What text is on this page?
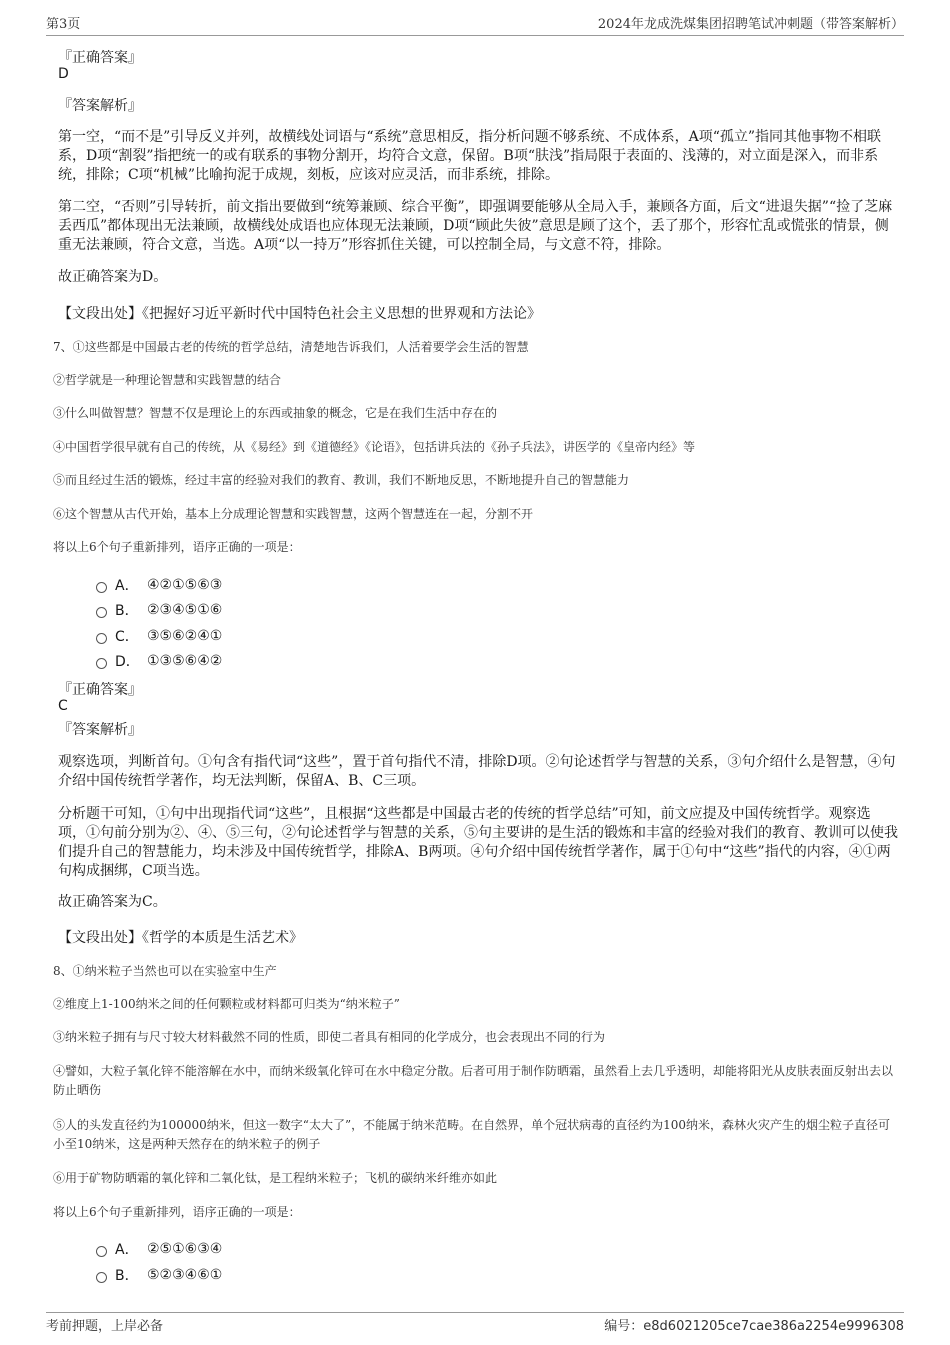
第3页	2024年龙成洗煤集团招聘笔试冲刺题（带答案解析）
『正确答案』
D
『答案解析』
第一空，“而不是”引导反义并列，故横线处词语与“系统”意思相反，指分析问题不够系统、不成体系，A项“孤立”指同其他事物不相联系，D项“割裂”指把统一的或有联系的事物分割开，均符合文意，保留。B项“肤浅”指局限于表面的、浅薄的，对立面是深入，而非系统，排除；C项“机械”比喻拘泥于成规，刻板，应该对应灵活，而非系统，排除。
第二空，“否则”引导转折，前文指出要做到“统筹兼顾、综合平衡”，即强调要能够从全局入手，兼顾各方面，后文“进退失据”“捡了芝麻丢西瓜”都体现出无法兼顾，故横线处成语也应体现无法兼顾，D项“顾此失彼”意思是顾了这个，丢了那个，形容忙乱或慌张的情景，侧重无法兼顾，符合文意，当选。A项“以一持万”形容抓住关键，可以控制全局，与文意不符，排除。
故正确答案为D。
【文段出处】《把握好习近平新时代中国特色社会主义思想的世界观和方法论》
7、①这些都是中国最古老的传统的哲学总结，清楚地告诉我们，人活着要学会生活的智慧
②哲学就是一种理论智慧和实践智慧的结合
③什么叫做智慧？智慧不仅是理论上的东西或抽象的概念，它是在我们生活中存在的
④中国哲学很早就有自己的传统，从《易经》到《道德经》《论语》，包括讲兵法的《孙子兵法》，讲医学的《皇帝内经》等
⑤而且经过生活的锻炼，经过丰富的经验对我们的教育、教训，我们不断地反思，不断地提升自己的智慧能力
⑥这个智慧从古代开始，基本上分成理论智慧和实践智慧，这两个智慧连在一起，分割不开
将以上6个句子重新排列，语序正确的一项是：
A． ④②①⑤⑥③
B． ②③④⑤①⑥
C． ③⑤⑥②④①
D． ①③⑤⑥④②
『正确答案』
C
『答案解析』
观察选项，判断首句。①句含有指代词“这些”，置于首句指代不清，排除D项。②句论述哲学与智慧的关系，③句介绍什么是智慧，④句介绍中国传统哲学著作，均无法判断，保留A、B、C三项。
分析题干可知，①句中出现指代词“这些”，且根据“这些都是中国最古老的传统的哲学总结”可知，前文应提及中国传统哲学。观察选项，①句前分别为②、④、⑤三句，②句论述哲学与智慧的关系，⑤句主要讲的是生活的锻炼和丰富的经验对我们的教育、教训可以使我们提升自己的智慧能力，均未涉及中国传统哲学，排除A、B两项。④句介绍中国传统哲学著作，属于①句中“这些”指代的内容，④①两句构成捆绑，C项当选。
故正确答案为C。
【文段出处】《哲学的本质是生活艺术》
8、①纳米粒子当然也可以在实验室中生产
②维度上1-100纳米之间的任何颗粒或材料都可归类为“纳米粒子”
③纳米粒子拥有与尺寸较大材料截然不同的性质，即使二者具有相同的化学成分，也会表现出不同的行为
④譬如，大粒子氧化锌不能溶解在水中，而纳米级氧化锌可在水中稳定分散。后者可用于制作防晒霜，虽然看上去几乎透明，却能将阳光从皮肤表面反射出去以防止晒伤
⑤人的头发直径约为100000纳米，但这一数字“太大了”，不能属于纳米范畴。在自然界，单个冠状病毒的直径约为100纳米，森林火灾产生的烟尘粒子直径可小至10纳米，这是两种天然存在的纳米粒子的例子
⑥用于矿物防晒霜的氧化锌和二氧化钛，是工程纳米粒子；飞机的碳纳米纤维亦如此
将以上6个句子重新排列，语序正确的一项是：
A． ②⑤①⑥③④
B． ⑤②③④⑥①
考前押题，上岸必备	编号：e8d6021205ce7cae386a2254e9996308
